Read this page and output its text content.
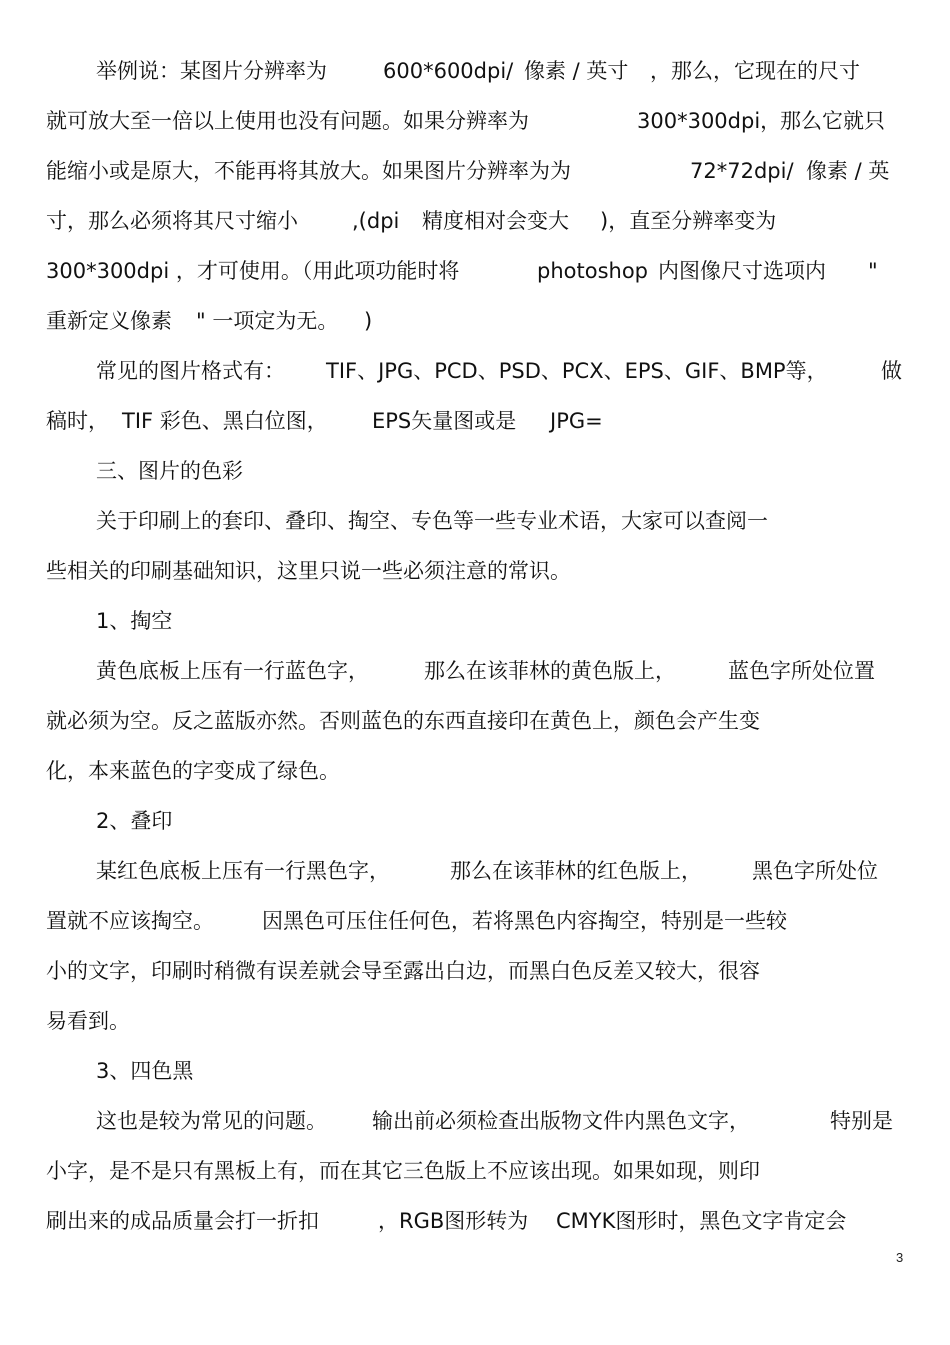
举例说：某图片分辨率为	600*600dpi/ 像素 / 英寸 ，那么，它现在的尺寸
就可放大至一倍以上使用也没有问题。如果分辨率为	300*300dpi，
那么它就只
能缩小或是原大，不能再将其放大。如果图片分辨率为为	72*72dpi/ 像素 / 英
寸，那么必须将其尺寸缩小	,(dpi 精度相对会变大 )，直至分辨率变为
300*300dpi ，才可使用。（用此项功能时将	photoshop 内图像尺寸选项内 "
重新定义像素 " 一项定为无。 )
常见的图片格式有： TIF、JPG、PCD、PSD、PCX、EPS、GIF、BMP等，	做
稿时， TIF 彩色、黑白位图， EPS矢量图或是 JPG=
三、图片的色彩
关于印刷上的套印、叠印、掏空、专色等一些专业术语，大家可以查阅一
些相关的印刷基础知识，这里只说一些必须注意的常识。
1、掏空
黄色底板上压有一行蓝色字，	那么在该菲林的黄色版上， 蓝色字所处位置
就必须为空。反之蓝版亦然。否则蓝色的东西直接印在黄色上，颜色会产生变
化，本来蓝色的字变成了绿色。
2、叠印
某红色底板上压有一行黑色字，	那么在该菲林的红色版上， 黑色字所处位
置就不应该掏空。 因黑色可压住任何色，若将黑色内容掏空，特别是一些较
小的文字，印刷时稍微有误差就会导至露出白边，而黑白色反差又较大，很容
易看到。
3、四色黑
这也是较为常见的问题。 输出前必须检查出版物文件内黑色文字，	特别是
小字，是不是只有黑板上有，而在其它三色版上不应该出现。如果如现，则印
刷出来的成品质量会打一折扣	，RGB图形转为 CMYK图形时，黑色文字肯定会
3
